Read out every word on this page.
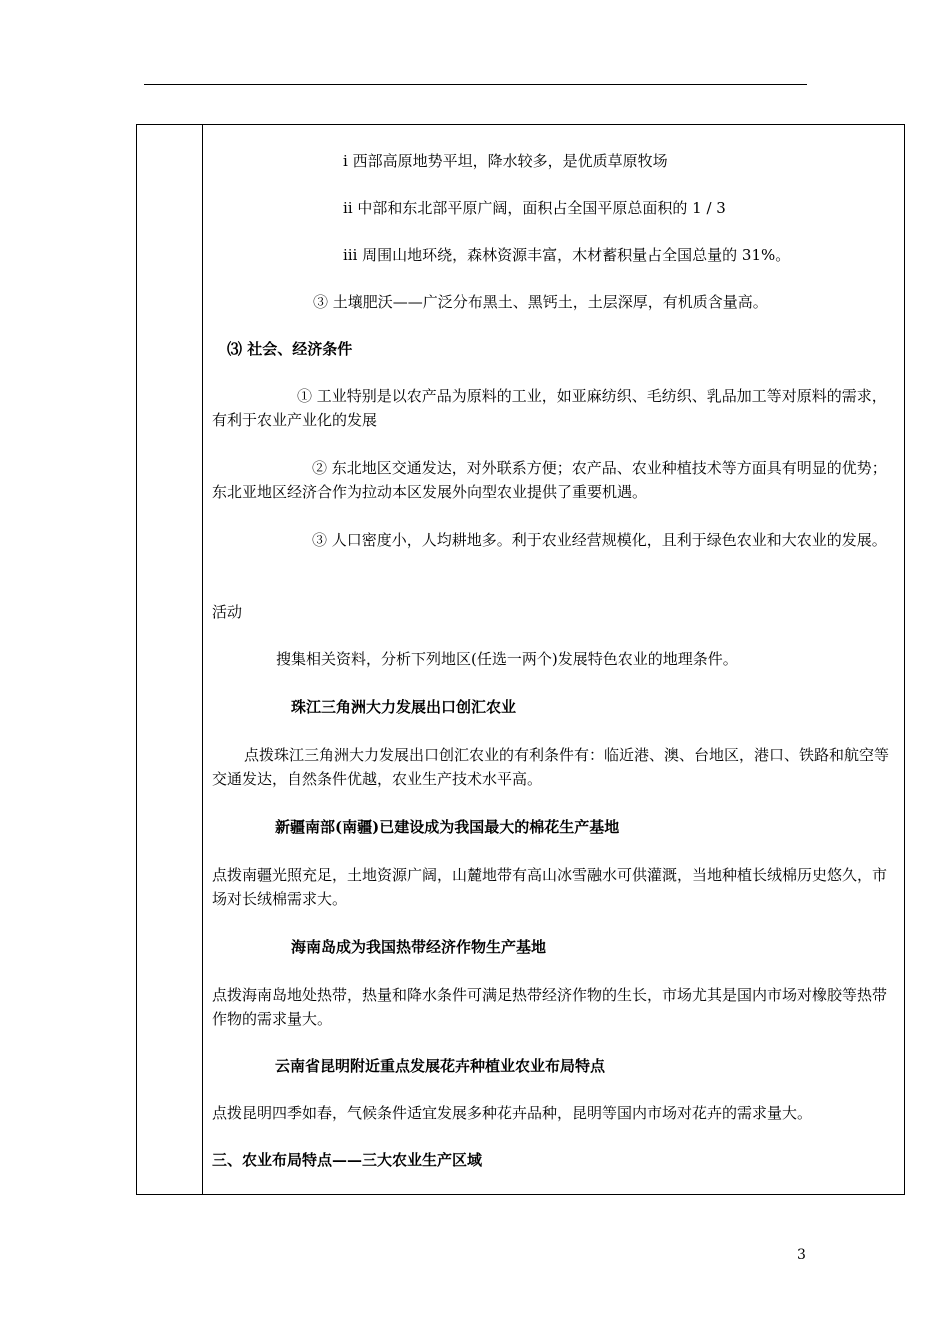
ⅰ 西部高原地势平坦，降水较多，是优质草原牧场
ⅱ 中部和东北部平原广阔，面积占全国平原总面积的 1 / 3
ⅲ 周围山地环绕，森林资源丰富，木材蓄积量占全国总量的 31%。
③ 土壤肥沃——广泛分布黑土、黑钙土，土层深厚，有机质含量高。
⑶ 社会、经济条件
① 工业特别是以农产品为原料的工业，如亚麻纺织、毛纺织、乳品加工等对原料的需求，有利于农业产业化的发展
② 东北地区交通发达，对外联系方便；农产品、农业种植技术等方面具有明显的优势；东北亚地区经济合作为拉动本区发展外向型农业提供了重要机遇。
③ 人口密度小，人均耕地多。利于农业经营规模化，且利于绿色农业和大农业的发展。
活动
搜集相关资料，分析下列地区(任选一两个)发展特色农业的地理条件。
珠江三角洲大力发展出口创汇农业
点拨珠江三角洲大力发展出口创汇农业的有利条件有：临近港、澳、台地区，港口、铁路和航空等交通发达，自然条件优越，农业生产技术水平高。
新疆南部(南疆)已建设成为我国最大的棉花生产基地
点拨南疆光照充足，土地资源广阔，山麓地带有高山冰雪融水可供灌溉，当地种植长绒棉历史悠久，市场对长绒棉需求大。
海南岛成为我国热带经济作物生产基地
点拨海南岛地处热带，热量和降水条件可满足热带经济作物的生长，市场尤其是国内市场对橡胶等热带作物的需求量大。
云南省昆明附近重点发展花卉种植业农业布局特点
点拨昆明四季如春，气候条件适宜发展多种花卉品种，昆明等国内市场对花卉的需求量大。
三、农业布局特点——三大农业生产区域
3
